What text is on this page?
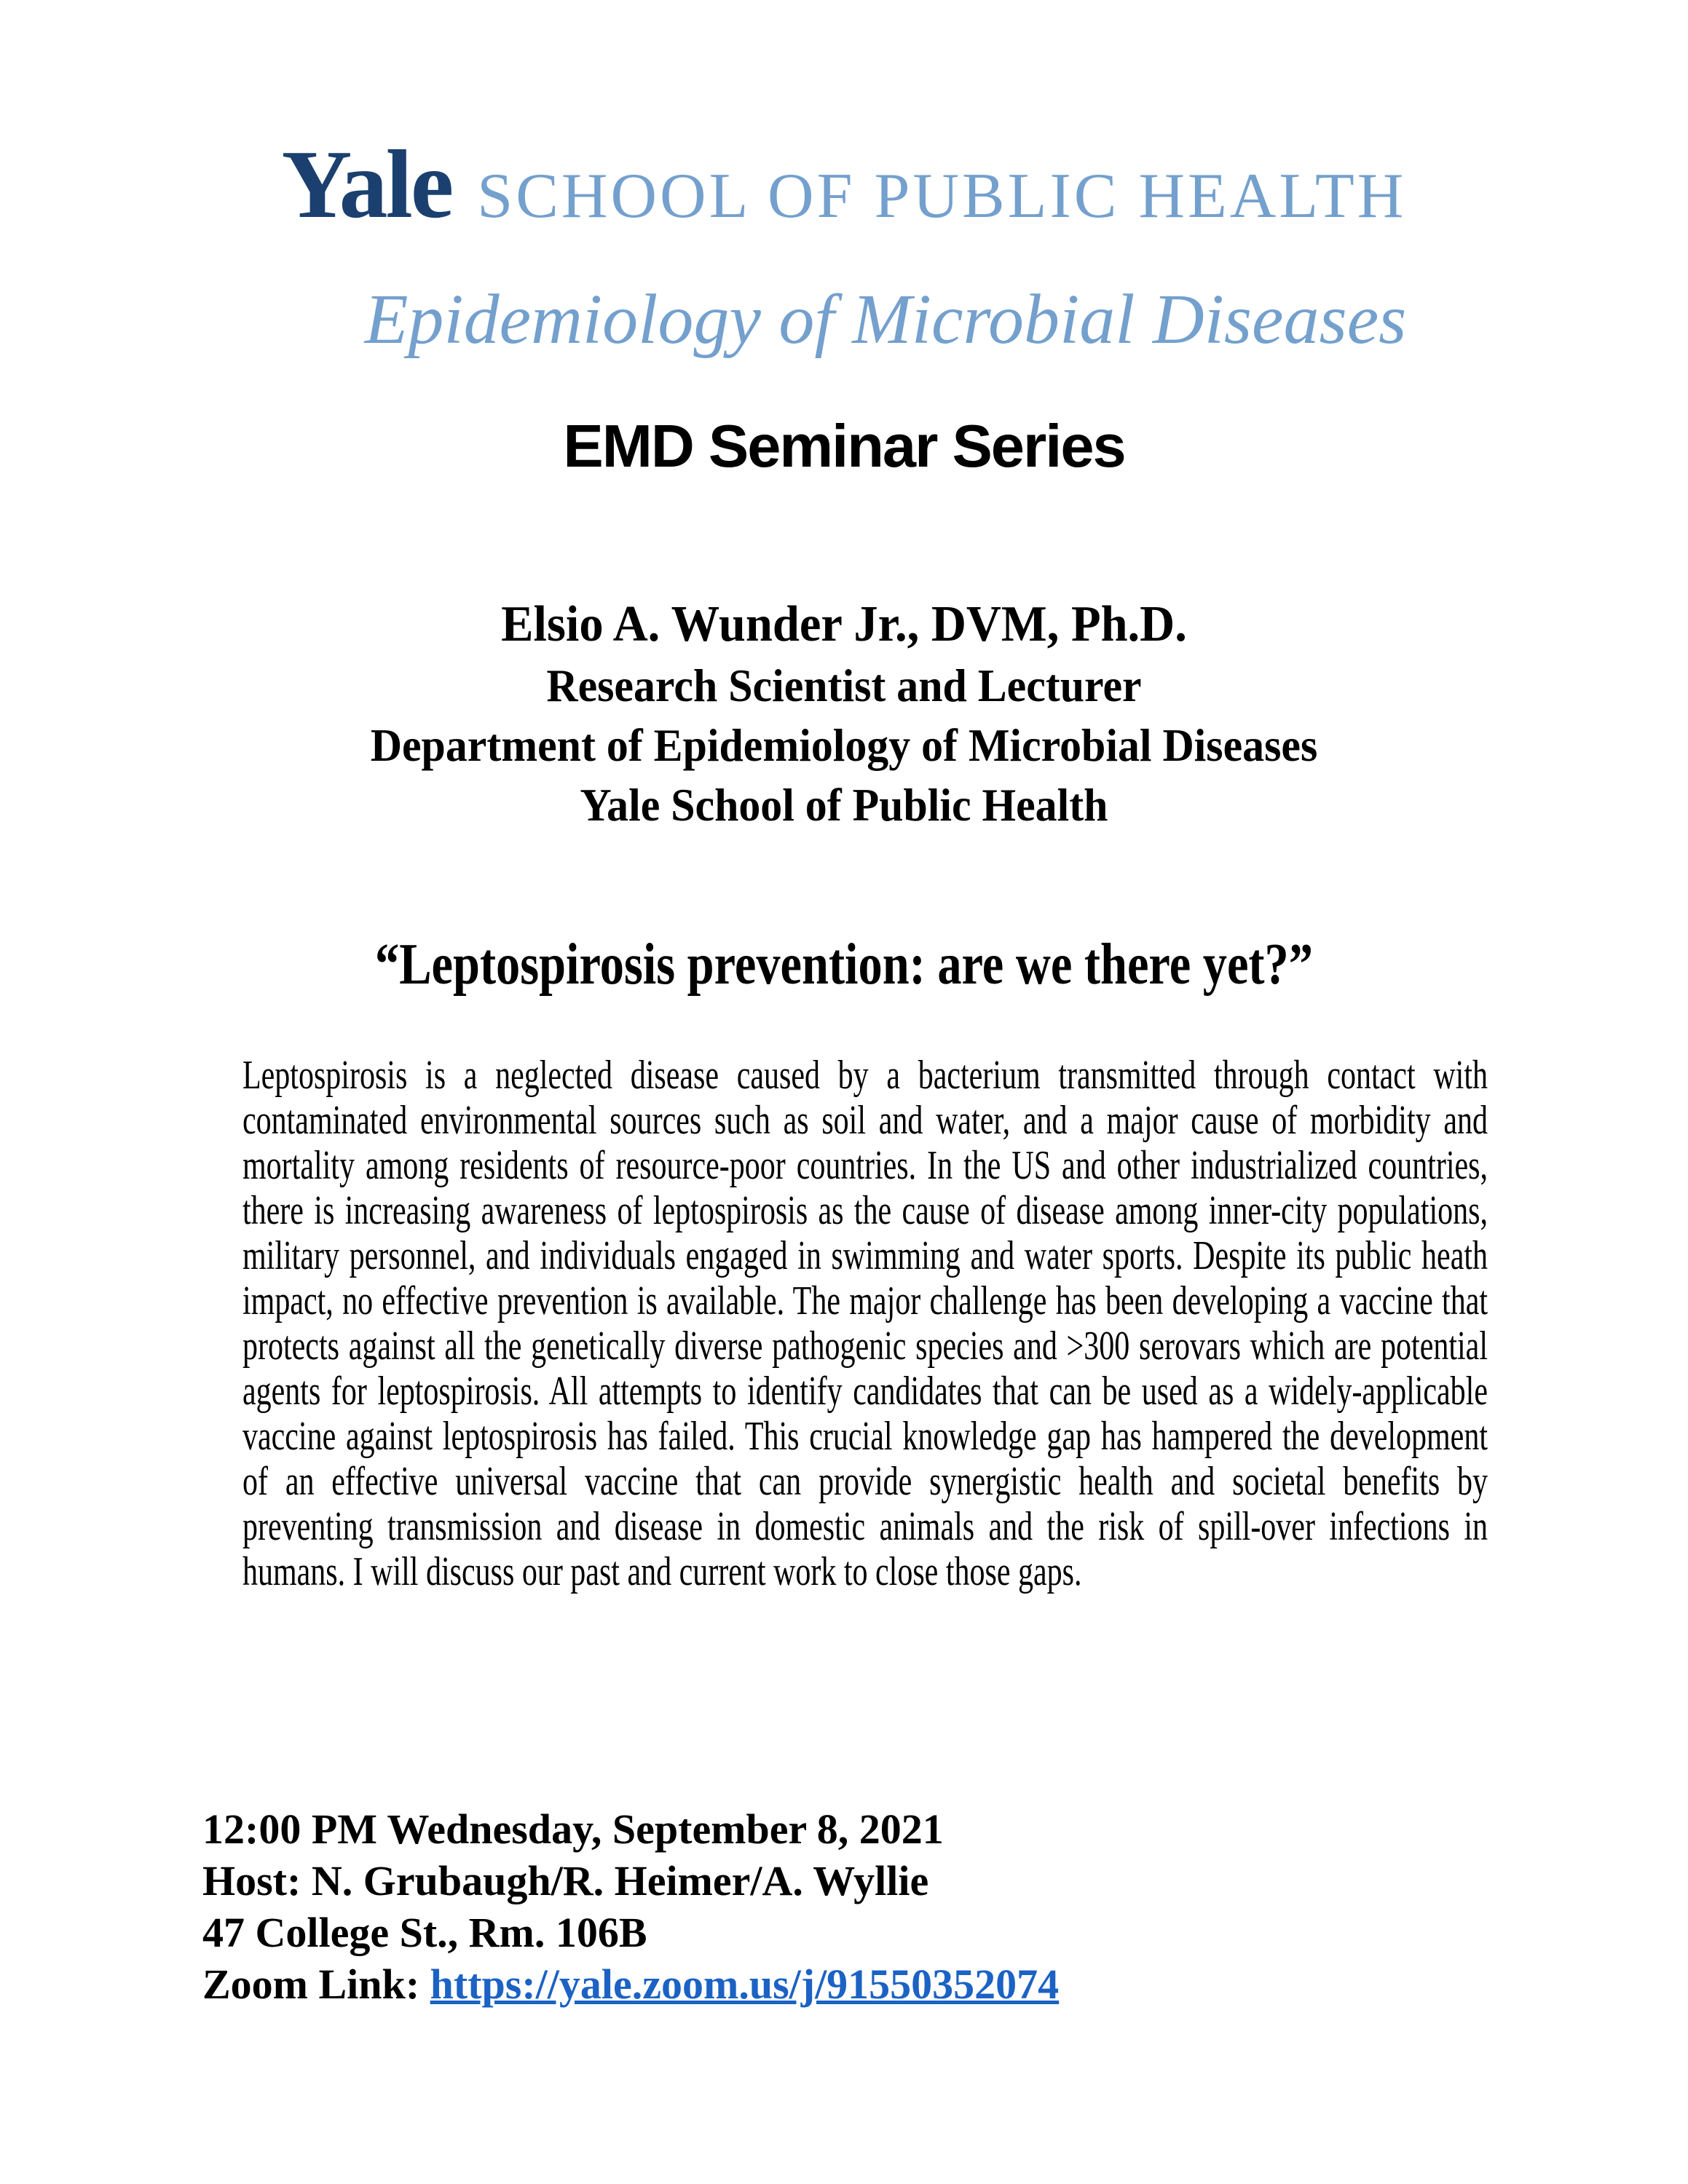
Yale SCHOOL OF PUBLIC HEALTH
Epidemiology of Microbial Diseases
EMD Seminar Series
Elsio A. Wunder Jr., DVM, Ph.D.
Research Scientist and Lecturer
Department of Epidemiology of Microbial Diseases
Yale School of Public Health
“Leptospirosis prevention: are we there yet?”
Leptospirosis is a neglected disease caused by a bacterium transmitted through contact with contaminated environmental sources such as soil and water, and a major cause of morbidity and mortality among residents of resource-poor countries. In the US and other industrialized countries, there is increasing awareness of leptospirosis as the cause of disease among inner-city populations, military personnel, and individuals engaged in swimming and water sports. Despite its public heath impact, no effective prevention is available. The major challenge has been developing a vaccine that protects against all the genetically diverse pathogenic species and >300 serovars which are potential agents for leptospirosis. All attempts to identify candidates that can be used as a widely-applicable vaccine against leptospirosis has failed. This crucial knowledge gap has hampered the development of an effective universal vaccine that can provide synergistic health and societal benefits by preventing transmission and disease in domestic animals and the risk of spill-over infections in humans. I will discuss our past and current work to close those gaps.
12:00 PM Wednesday, September 8, 2021
Host: N. Grubaugh/R. Heimer/A. Wyllie
47 College St., Rm. 106B
Zoom Link: https://yale.zoom.us/j/91550352074
